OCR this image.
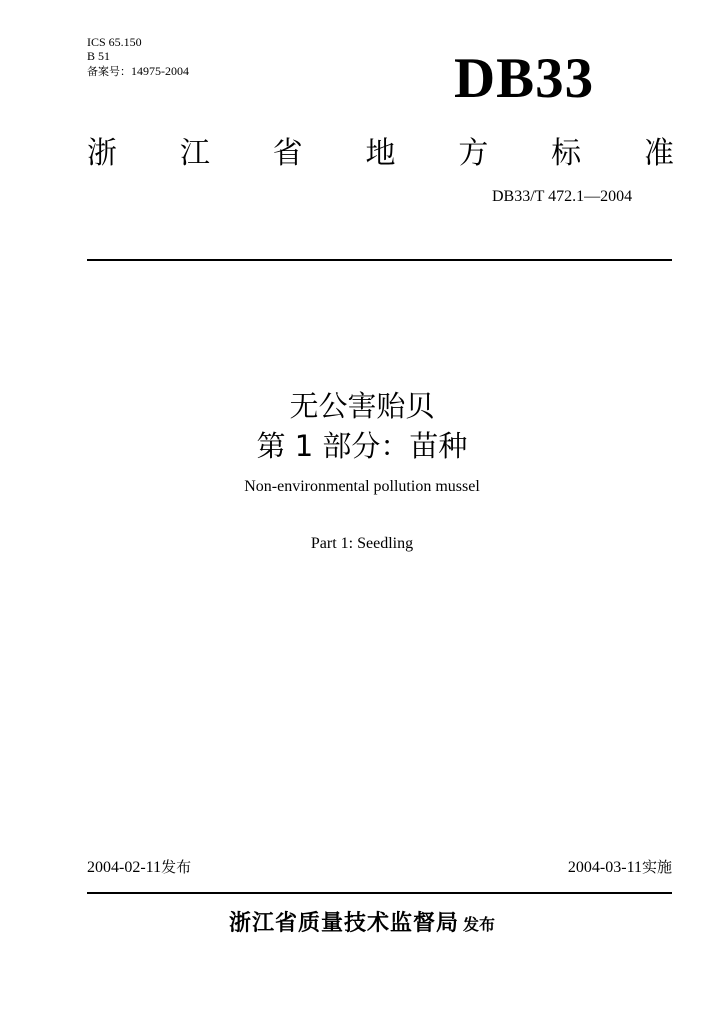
ICS 65.150
B 51
备案号：14975-2004	DB33
浙 江 省 地 方 标 准
DB33/T 472.1—2004
无公害贻贝
第 1 部分：苗种
Non-environmental pollution mussel
Part 1: Seedling
2004-02-11发布	2004-03-11实施
浙江省质量技术监督局 发布
